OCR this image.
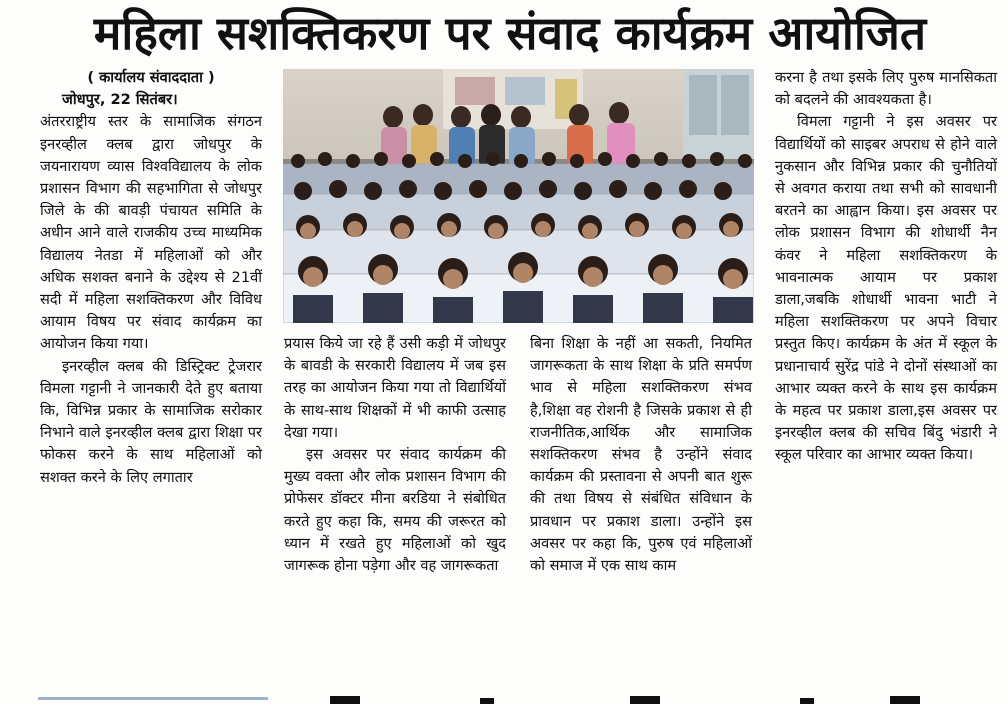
महिला सशक्तिकरण पर संवाद कार्यक्रम आयोजित

( कार्यालय संवाददाता )

जोधपुर, 22 सितंबर।

अंतरराष्ट्रीय स्तर के सामाजिक संगठन इनरव्हील क्लब द्वारा जोधपुर के जयनारायण व्यास विश्वविद्यालय के लोक प्रशासन विभाग की सहभागिता से जोधपुर जिले के की बावड़ी पंचायत समिति के अधीन आने वाले राजकीय उच्च माध्यमिक विद्यालय नेतडा में महिलाओं को और अधिक सशक्त बनाने के उद्देश्य से 21वीं सदी में महिला सशक्तिकरण और विविध आयाम विषय पर संवाद कार्यक्रम का आयोजन किया गया।

इनरव्हील क्लब की डिस्ट्रिक्ट ट्रेजरार विमला गट्टानी ने जानकारी देते हुए बताया कि, विभिन्न प्रकार के सामाजिक सरोकार निभाने वाले इनरव्हील क्लब द्वारा शिक्षा पर फोकस करने के साथ महिलाओं को सशक्त करने के लिए लगातार

प्रयास किये जा रहे हैं उसी कड़ी में जोधपुर के बावडी के सरकारी विद्यालय में जब इस तरह का आयोजन किया गया तो विद्यार्थियों के साथ-साथ शिक्षकों में भी काफी उत्साह देखा गया।

इस अवसर पर संवाद कार्यक्रम की मुख्य वक्ता और लोक प्रशासन विभाग की प्रोफेसर डॉक्टर मीना बरडिया ने संबोधित करते हुए कहा कि, समय की जरूरत को ध्यान में रखते हुए महिलाओं को खुद जागरूक होना पड़ेगा और वह जागरूकता

बिना शिक्षा के नहीं आ सकती, नियमित जागरूकता के साथ शिक्षा के प्रति समर्पण भाव से महिला सशक्तिकरण संभव है,शिक्षा वह रोशनी है जिसके प्रकाश से ही राजनीतिक,आर्थिक और सामाजिक सशक्तिकरण संभव है उन्होंने संवाद कार्यक्रम की प्रस्तावना से अपनी बात शुरू की तथा विषय से संबंधित संविधान के प्रावधान पर प्रकाश डाला। उन्होंने इस अवसर पर कहा कि, पुरुष एवं महिलाओं को समाज में एक साथ काम

करना है तथा इसके लिए पुरुष मानसिकता को बदलने की आवश्यकता है।

विमला गट्टानी ने इस अवसर पर विद्यार्थियों को साइबर अपराध से होने वाले नुकसान और विभिन्न प्रकार की चुनौतियों से अवगत कराया तथा सभी को सावधानी बरतने का आह्वान किया। इस अवसर पर लोक प्रशासन विभाग की शोधार्थी नैन कंवर ने महिला सशक्तिकरण के भावनात्मक आयाम पर प्रकाश डाला,जबकि शोधार्थी भावना भाटी ने महिला सशक्तिकरण पर अपने विचार प्रस्तुत किए। कार्यक्रम के अंत में स्कूल के प्रधानाचार्य सुरेंद्र पांडे ने दोनों संस्थाओं का आभार व्यक्त करने के साथ इस कार्यक्रम के महत्व पर प्रकाश डाला,इस अवसर पर इनरव्हील क्लब की सचिव बिंदु भंडारी ने स्कूल परिवार का आभार व्यक्त किया।
